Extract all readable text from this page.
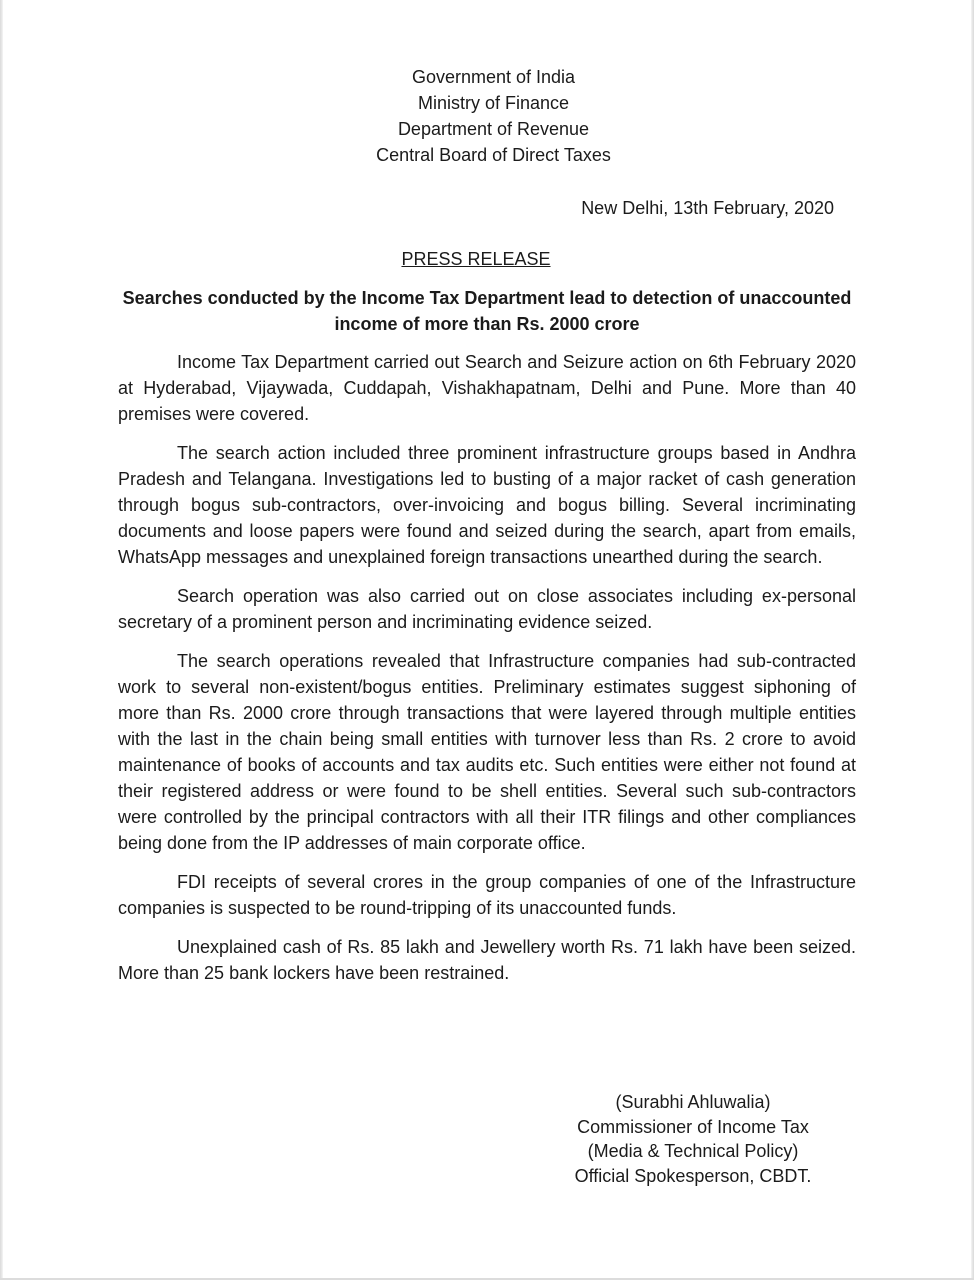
Government of India
Ministry of Finance
Department of Revenue
Central Board of Direct Taxes
New Delhi, 13th February, 2020
PRESS RELEASE
Searches conducted by the Income Tax Department lead to detection of unaccounted income of more than Rs. 2000 crore

Income Tax Department carried out Search and Seizure action on 6th February 2020 at Hyderabad, Vijaywada, Cuddapah, Vishakhapatnam, Delhi and Pune. More than 40 premises were covered.

The search action included three prominent infrastructure groups based in Andhra Pradesh and Telangana. Investigations led to busting of a major racket of cash generation through bogus sub-contractors, over-invoicing and bogus billing. Several incriminating documents and loose papers were found and seized during the search, apart from emails, WhatsApp messages and unexplained foreign transactions unearthed during the search.

Search operation was also carried out on close associates including ex-personal secretary of a prominent person and incriminating evidence seized.

The search operations revealed that Infrastructure companies had sub-contracted work to several non-existent/bogus entities. Preliminary estimates suggest siphoning of more than Rs. 2000 crore through transactions that were layered through multiple entities with the last in the chain being small entities with turnover less than Rs. 2 crore to avoid maintenance of books of accounts and tax audits etc. Such entities were either not found at their registered address or were found to be shell entities. Several such sub-contractors were controlled by the principal contractors with all their ITR filings and other compliances being done from the IP addresses of main corporate office.

FDI receipts of several crores in the group companies of one of the Infrastructure companies is suspected to be round-tripping of its unaccounted funds.

Unexplained cash of Rs. 85 lakh and Jewellery worth Rs. 71 lakh have been seized. More than 25 bank lockers have been restrained.

(Surabhi Ahluwalia)
Commissioner of Income Tax
(Media & Technical Policy)
Official Spokesperson, CBDT.
